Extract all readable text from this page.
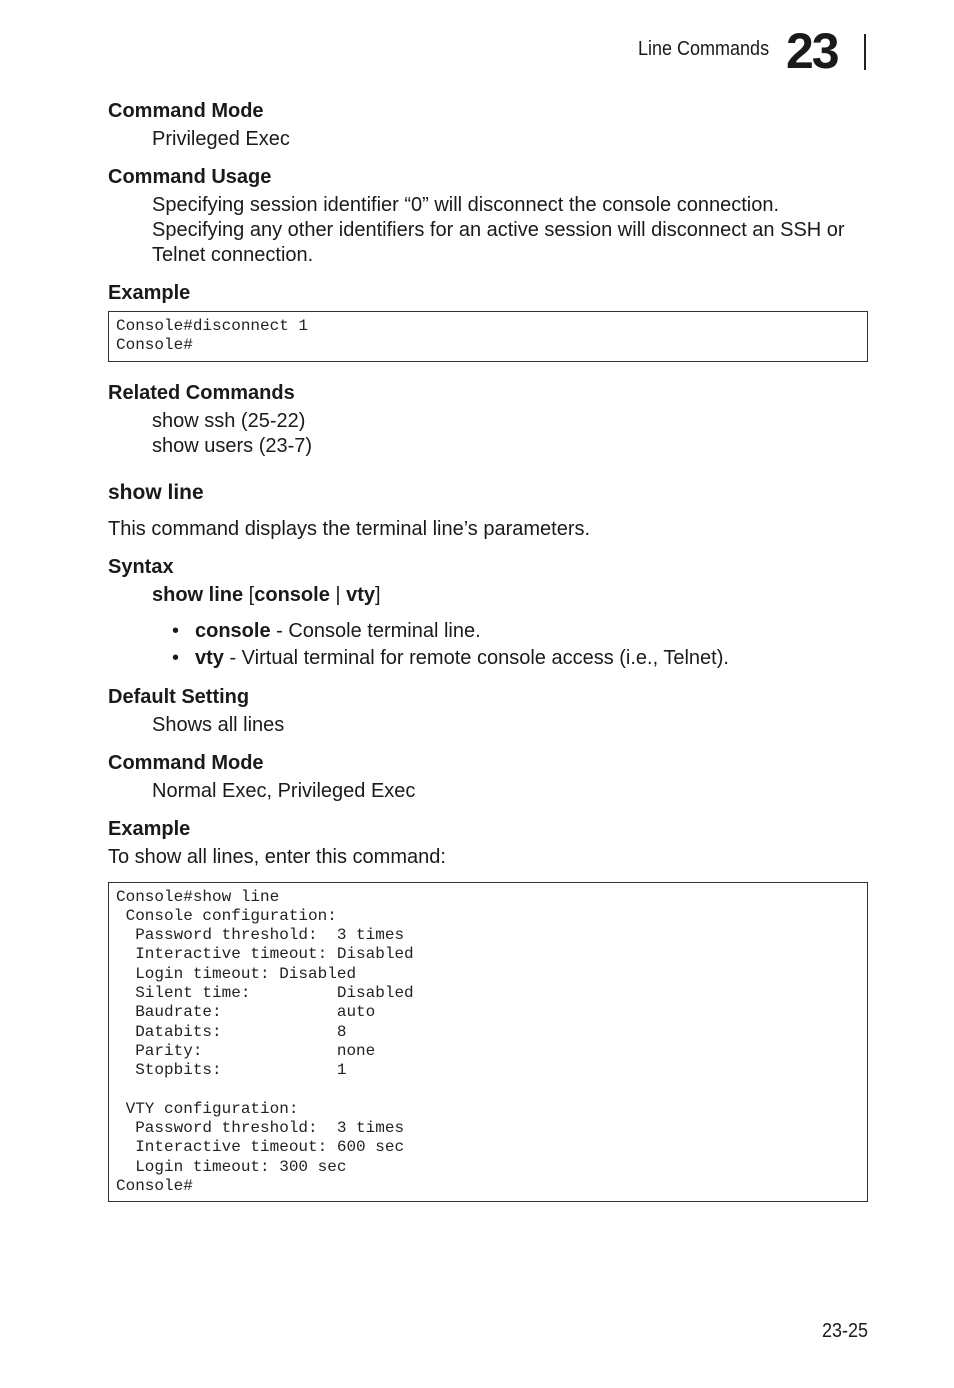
Line Commands 23
Command Mode
Privileged Exec
Command Usage
Specifying session identifier “0” will disconnect the console connection.
Specifying any other identifiers for an active session will disconnect an SSH or
Telnet connection.
Example
Console#disconnect 1
Console#
Related Commands
show ssh (25-22)
show users (23-7)
show line
This command displays the terminal line’s parameters.
Syntax
show line [console | vty]
• console - Console terminal line.
• vty - Virtual terminal for remote console access (i.e., Telnet).
Default Setting
Shows all lines
Command Mode
Normal Exec, Privileged Exec
Example
To show all lines, enter this command:
Console#show line
Console configuration:
Password threshold:  3 times
Interactive timeout: Disabled
Login timeout: Disabled
Silent time:         Disabled
Baudrate:            auto
Databits:            8
Parity:              none
Stopbits:            1

VTY configuration:
Password threshold:  3 times
Interactive timeout: 600 sec
Login timeout: 300 sec
Console#
23-25
